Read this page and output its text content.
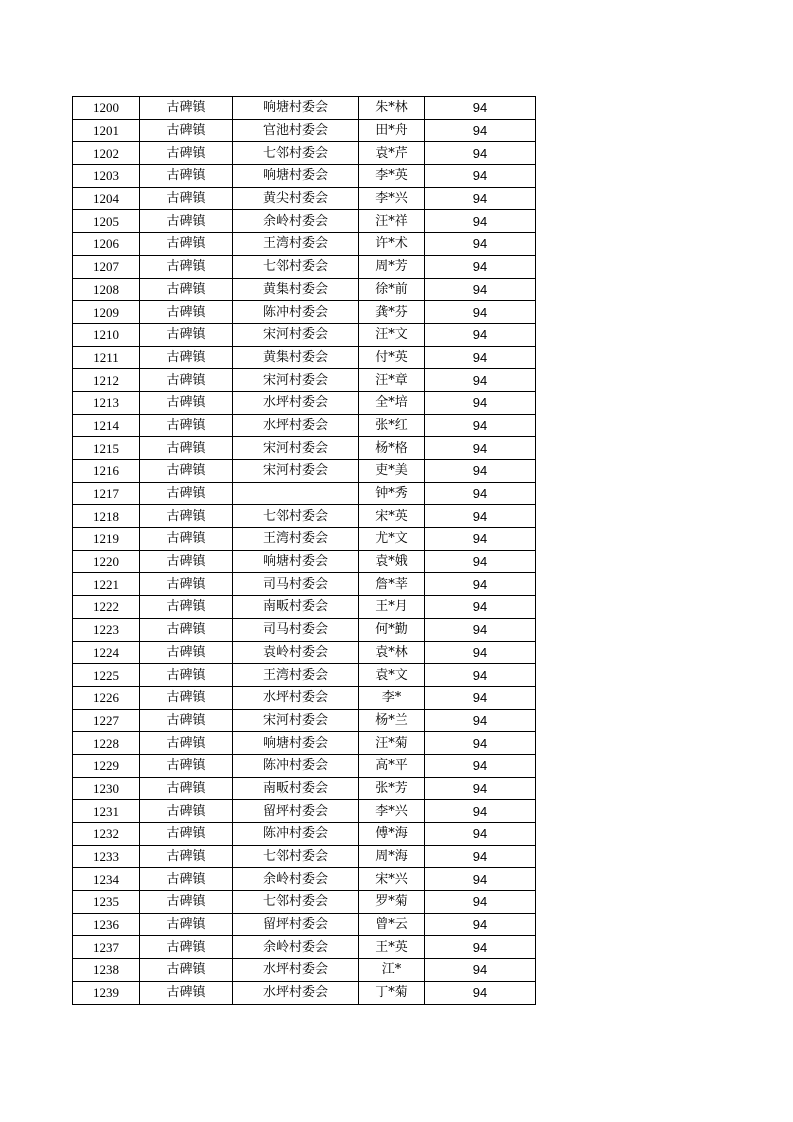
1200	古碑镇	响塘村委会	朱*林	94
1201	古碑镇	官池村委会	田*舟	94
1202	古碑镇	七邻村委会	袁*芹	94
1203	古碑镇	响塘村委会	李*英	94
1204	古碑镇	黄尖村委会	李*兴	94
1205	古碑镇	余岭村委会	汪*祥	94
1206	古碑镇	王湾村委会	许*术	94
1207	古碑镇	七邻村委会	周*芳	94
1208	古碑镇	黄集村委会	徐*前	94
1209	古碑镇	陈冲村委会	龚*芬	94
1210	古碑镇	宋河村委会	汪*文	94
1211	古碑镇	黄集村委会	付*英	94
1212	古碑镇	宋河村委会	汪*章	94
1213	古碑镇	水坪村委会	全*培	94
1214	古碑镇	水坪村委会	张*红	94
1215	古碑镇	宋河村委会	杨*格	94
1216	古碑镇	宋河村委会	吏*美	94
1217	古碑镇		钟*秀	94
1218	古碑镇	七邻村委会	宋*英	94
1219	古碑镇	王湾村委会	尤*文	94
1220	古碑镇	响塘村委会	袁*娥	94
1221	古碑镇	司马村委会	詹*莘	94
1222	古碑镇	南畈村委会	王*月	94
1223	古碑镇	司马村委会	何*勤	94
1224	古碑镇	袁岭村委会	袁*林	94
1225	古碑镇	王湾村委会	袁*文	94
1226	古碑镇	水坪村委会	李*	94
1227	古碑镇	宋河村委会	杨*兰	94
1228	古碑镇	响塘村委会	汪*菊	94
1229	古碑镇	陈冲村委会	高*平	94
1230	古碑镇	南畈村委会	张*芳	94
1231	古碑镇	留坪村委会	李*兴	94
1232	古碑镇	陈冲村委会	傅*海	94
1233	古碑镇	七邻村委会	周*海	94
1234	古碑镇	余岭村委会	宋*兴	94
1235	古碑镇	七邻村委会	罗*菊	94
1236	古碑镇	留坪村委会	曾*云	94
1237	古碑镇	余岭村委会	王*英	94
1238	古碑镇	水坪村委会	江*	94
1239	古碑镇	水坪村委会	丁*菊	94
